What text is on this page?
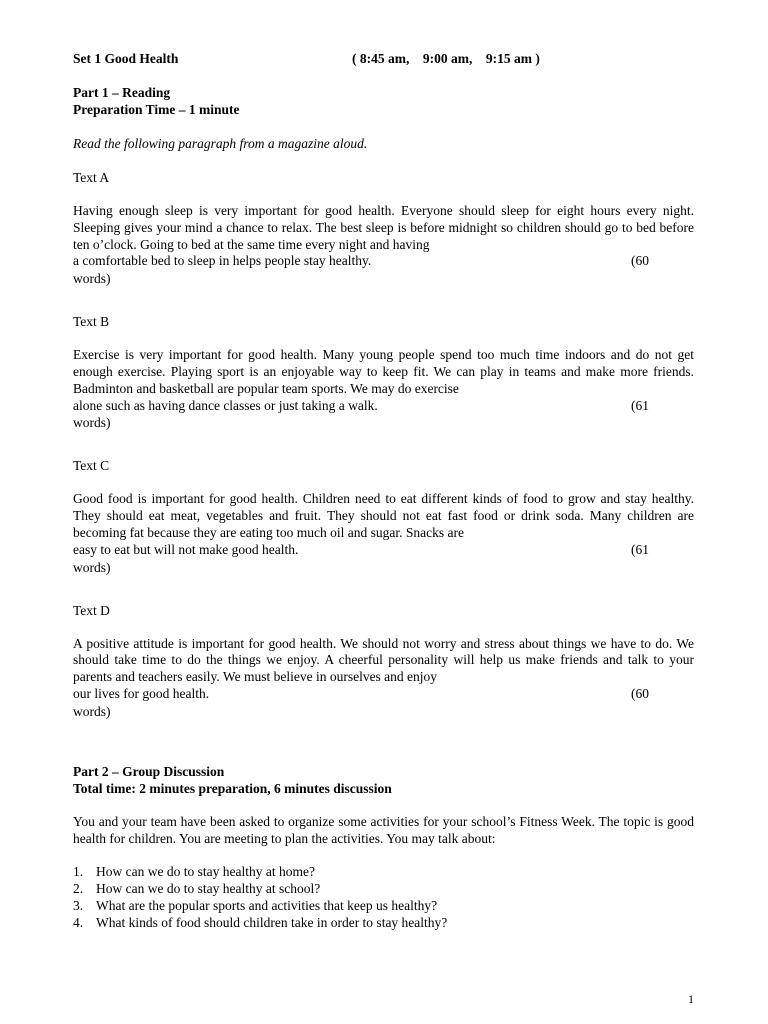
Set 1 Good Health	( 8:45 am,    9:00 am,    9:15 am )
Part 1 – Reading
Preparation Time – 1 minute
Read the following paragraph from a magazine aloud.
Text A
Having enough sleep is very important for good health. Everyone should sleep for eight hours every night. Sleeping gives your mind a chance to relax. The best sleep is before midnight so children should go to bed before ten o’clock. Going to bed at the same time every night and having
a comfortable bed to sleep in helps people stay healthy.	(60
words)
Text B
Exercise is very important for good health. Many young people spend too much time indoors and do not get enough exercise. Playing sport is an enjoyable way to keep fit. We can play in teams and make more friends. Badminton and basketball are popular team sports. We may do exercise
alone such as having dance classes or just taking a walk.	(61
words)
Text C
Good food is important for good health. Children need to eat different kinds of food to grow and stay healthy. They should eat meat, vegetables and fruit. They should not eat fast food or drink soda. Many children are becoming fat because they are eating too much oil and sugar. Snacks are
easy to eat but will not make good health.	(61
words)
Text D
A positive attitude is important for good health. We should not worry and stress about things we have to do. We should take time to do the things we enjoy. A cheerful personality will help us make friends and talk to your parents and teachers easily. We must believe in ourselves and enjoy
our lives for good health.	(60
words)
Part 2 – Group Discussion
Total time: 2 minutes preparation, 6 minutes discussion
You and your team have been asked to organize some activities for your school’s Fitness Week. The topic is good health for children. You are meeting to plan the activities. You may talk about:
1. How can we do to stay healthy at home?
2. How can we do to stay healthy at school?
3. What are the popular sports and activities that keep us healthy?
4. What kinds of food should children take in order to stay healthy?
1
